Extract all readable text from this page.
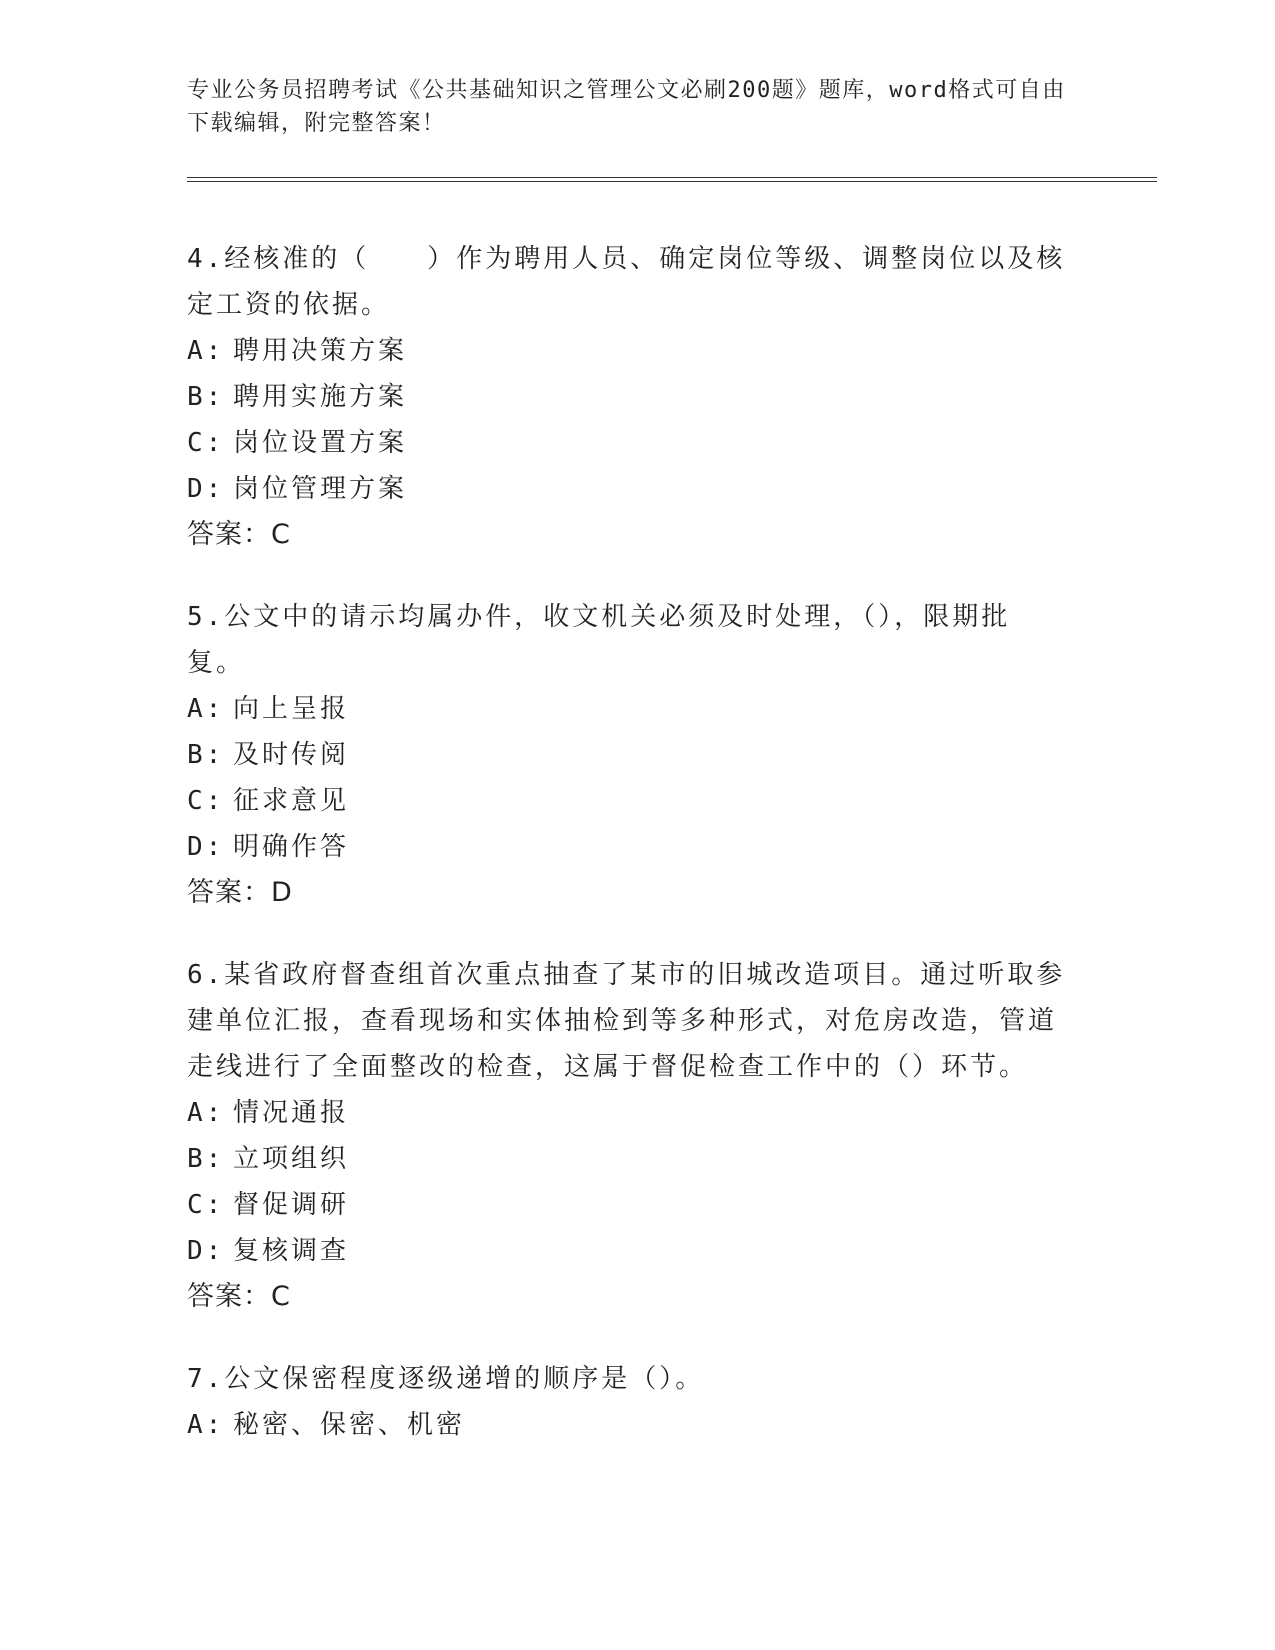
专业公务员招聘考试《公共基础知识之管理公文必刷200题》题库，word格式可自由下载编辑，附完整答案！

4.经核准的（　　）作为聘用人员、确定岗位等级、调整岗位以及核定工资的依据。

A: 聘用决策方案
B: 聘用实施方案
C: 岗位设置方案
D: 岗位管理方案
答案：C

5.公文中的请示均属办件，收文机关必须及时处理，（），限期批复。

A: 向上呈报
B: 及时传阅
C: 征求意见
D: 明确作答
答案：D

6.某省政府督查组首次重点抽查了某市的旧城改造项目。通过听取参建单位汇报，查看现场和实体抽检到等多种形式，对危房改造，管道走线进行了全面整改的检查，这属于督促检查工作中的（）环节。

A: 情况通报
B: 立项组织
C: 督促调研
D: 复核调查
答案：C

7.公文保密程度逐级递增的顺序是（）。

A: 秘密、保密、机密
